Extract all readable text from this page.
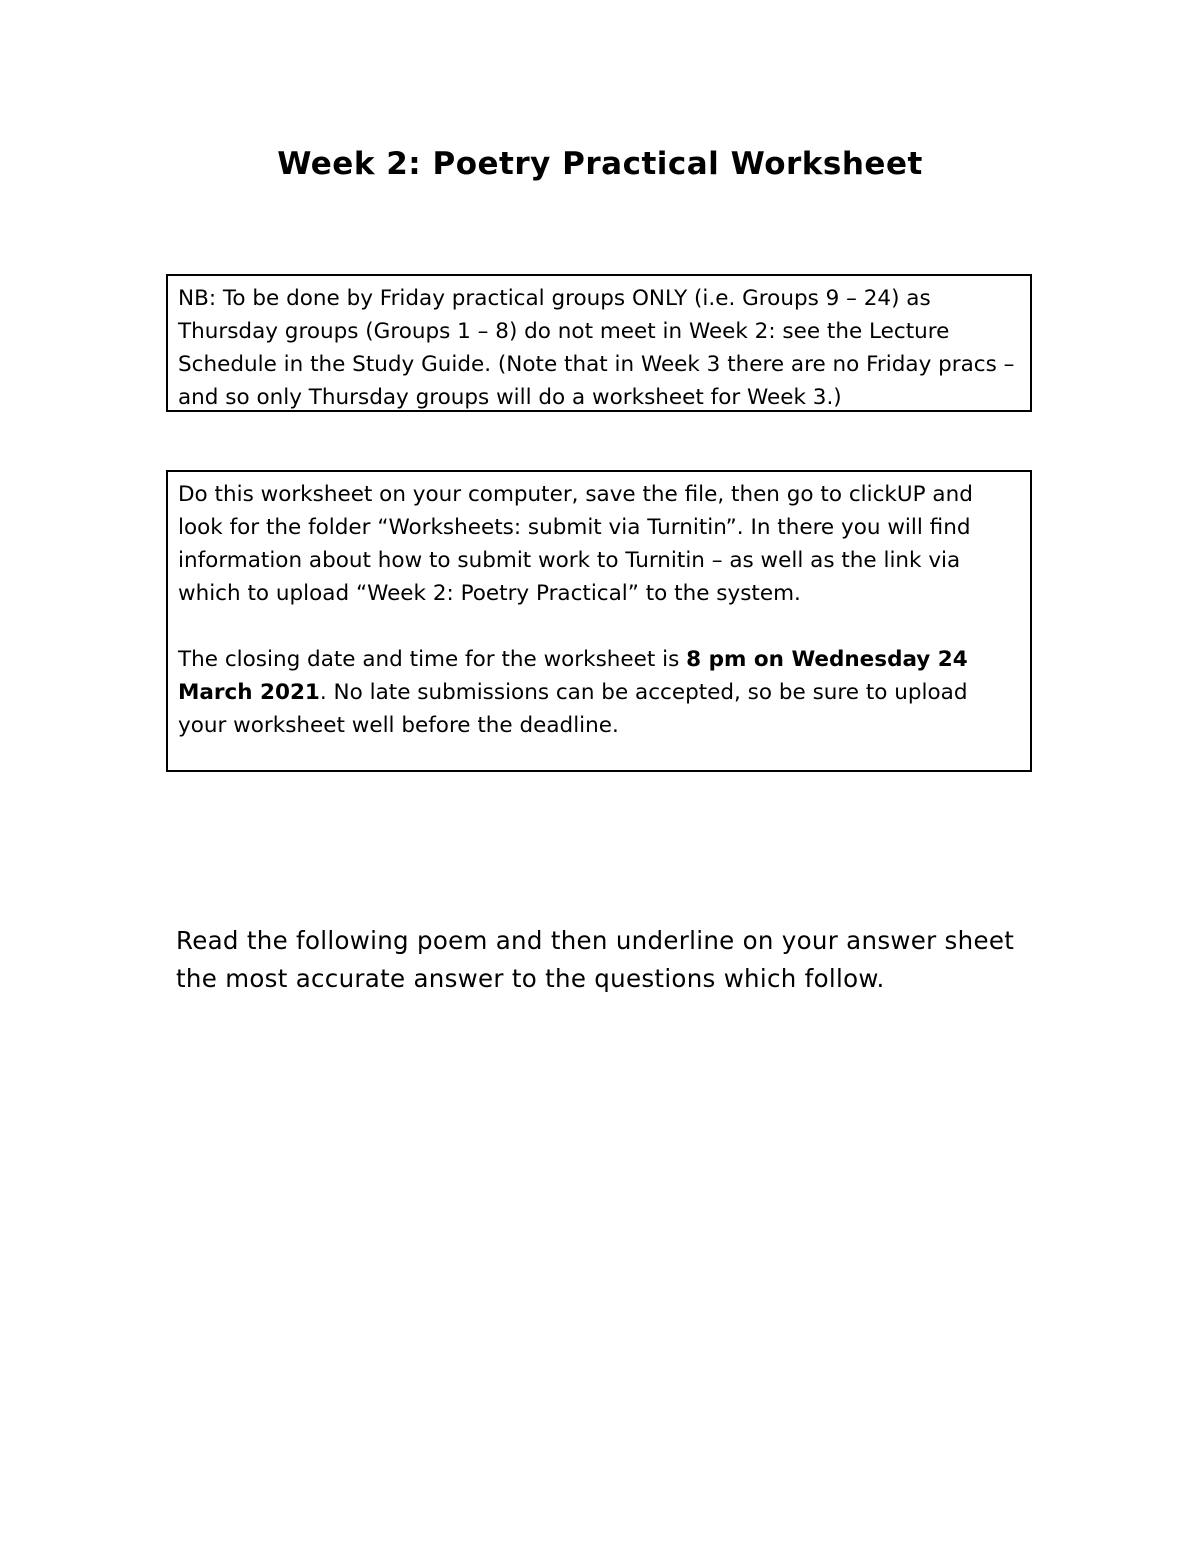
Week 2: Poetry Practical Worksheet
NB: To be done by Friday practical groups ONLY (i.e. Groups 9 – 24) as Thursday groups (Groups 1 – 8) do not meet in Week 2: see the Lecture Schedule in the Study Guide. (Note that in Week 3 there are no Friday pracs – and so only Thursday groups will do a worksheet for Week 3.)

Do this worksheet on your computer, save the file, then go to clickUP and look for the folder “Worksheets: submit via Turnitin”. In there you will find information about how to submit work to Turnitin – as well as the link via which to upload “Week 2: Poetry Practical” to the system.

The closing date and time for the worksheet is 8 pm on Wednesday 24 March 2021. No late submissions can be accepted, so be sure to upload your worksheet well before the deadline.

Read the following poem and then underline on your answer sheet the most accurate answer to the questions which follow.
